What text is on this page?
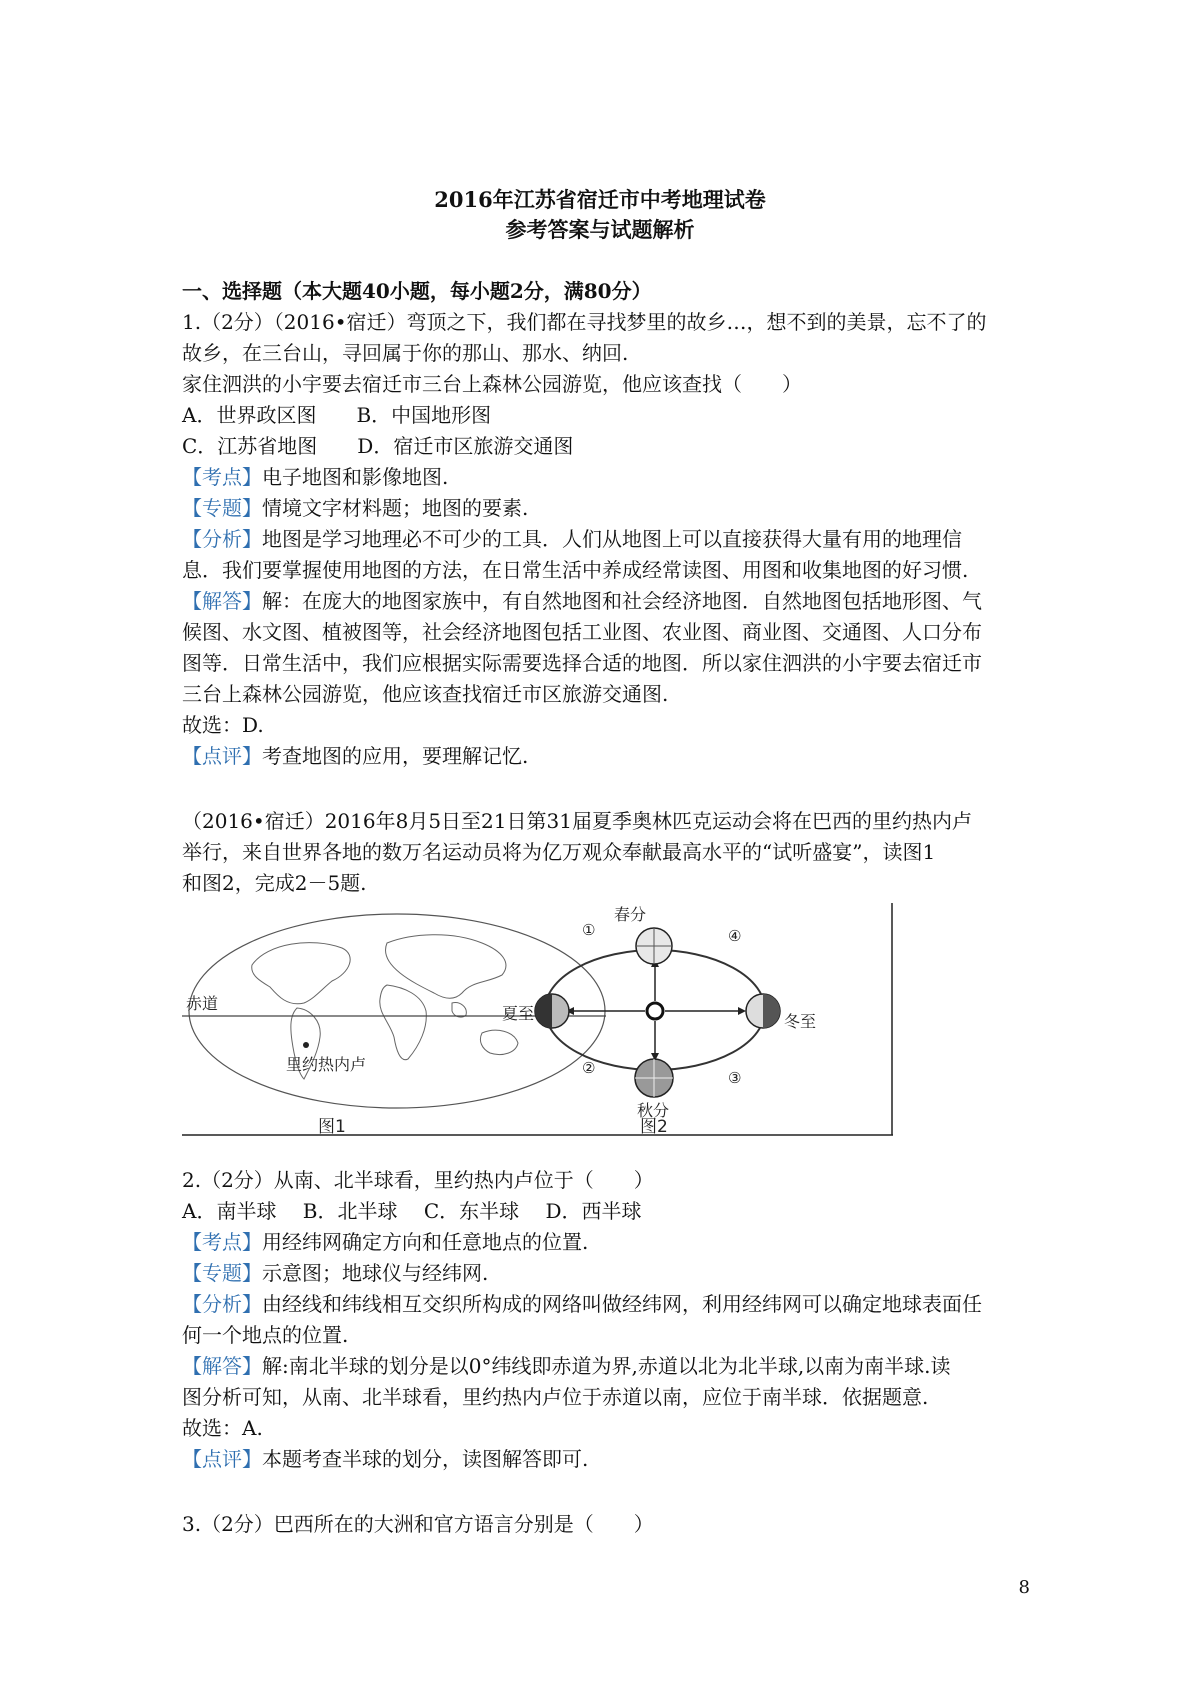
2016年江苏省宿迁市中考地理试卷
参考答案与试题解析
一、选择题（本大题40小题，每小题2分，满80分）
1.（2分）（2016•宿迁）弯顶之下，我们都在寻找梦里的故乡…，想不到的美景，忘不了的
故乡，在三台山，寻回属于你的那山、那水、纳回.
家住泗洪的小宇要去宿迁市三台上森林公园游览，他应该查找（　　）
A．世界政区图　　B．中国地形图
C．江苏省地图　　D．宿迁市区旅游交通图
【考点】电子地图和影像地图.
【专题】情境文字材料题；地图的要素.
【分析】地图是学习地理必不可少的工具．人们从地图上可以直接获得大量有用的地理信
息．我们要掌握使用地图的方法，在日常生活中养成经常读图、用图和收集地图的好习惯.
【解答】解：在庞大的地图家族中，有自然地图和社会经济地图．自然地图包括地形图、气
候图、水文图、植被图等，社会经济地图包括工业图、农业图、商业图、交通图、人口分布
图等．日常生活中，我们应根据实际需要选择合适的地图．所以家住泗洪的小宇要去宿迁市
三台上森林公园游览，他应该查找宿迁市区旅游交通图.
故选：D.
【点评】考查地图的应用，要理解记忆.
（2016•宿迁）2016年8月5日至21日第31届夏季奥林匹克运动会将在巴西的里约热内卢
举行，来自世界各地的数万名运动员将为亿万观众奉献最高水平的“试听盛宴”，读图1
和图2，完成2－5题.
赤道
里约热内卢
图1
春分
夏至	冬至
秋分
①
②
③
④
图2
2.（2分）从南、北半球看，里约热内卢位于（　　）
A．南半球　 B．北半球　 C．东半球　 D．西半球
【考点】用经纬网确定方向和任意地点的位置.
【专题】示意图；地球仪与经纬网.
【分析】由经线和纬线相互交织所构成的网络叫做经纬网，利用经纬网可以确定地球表面任
何一个地点的位置.
【解答】解:南北半球的划分是以0°纬线即赤道为界,赤道以北为北半球,以南为南半球.读
图分析可知，从南、北半球看，里约热内卢位于赤道以南，应位于南半球．依据题意.
故选：A.
【点评】本题考查半球的划分，读图解答即可.
3.（2分）巴西所在的大洲和官方语言分别是（　　）
8
